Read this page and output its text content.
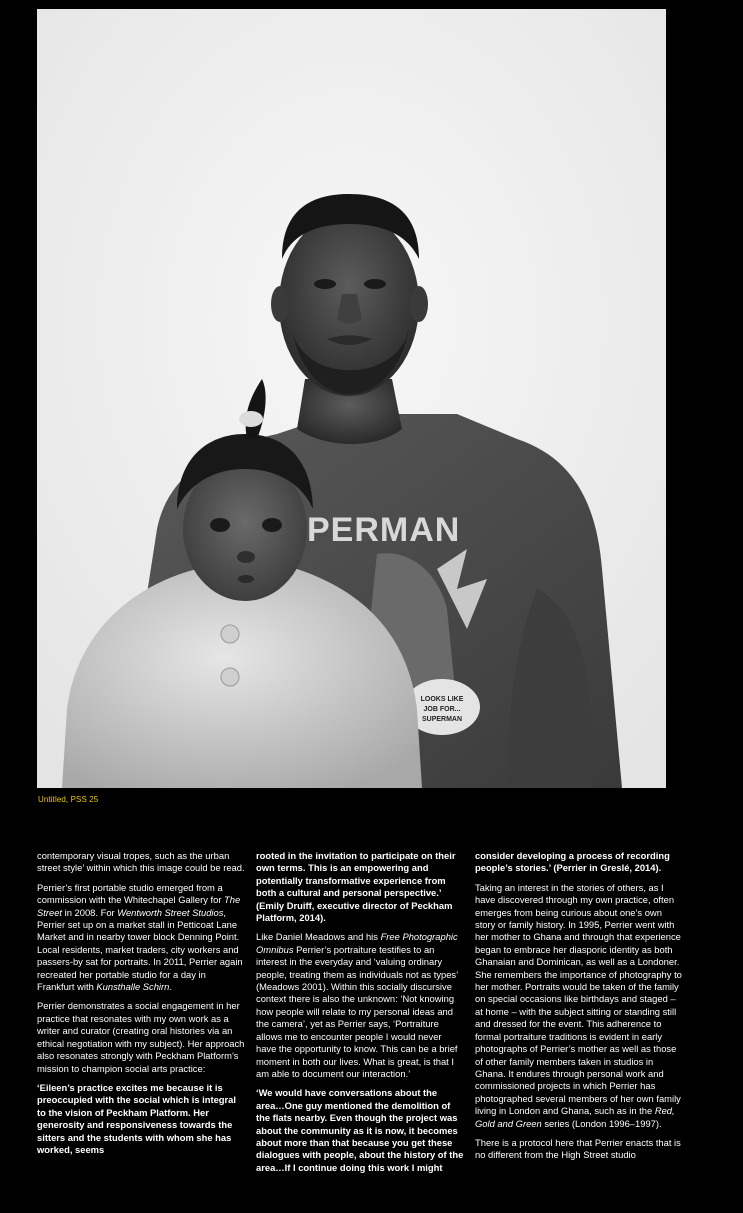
PERMAN
LOOKS LIKE
JOB FOR...
SUPERMAN
Untitled, PSS 25

contemporary visual tropes, such as the urban street style’ within which this image could be read.

Perrier’s first portable studio emerged from a commission with the Whitechapel Gallery for The Street in 2008. For Wentworth Street Studios, Perrier set up on a market stall in Petticoat Lane Market and in nearby tower block Denning Point. Local residents, market traders, city workers and passers-by sat for portraits. In 2011, Perrier again recreated her portable studio for a day in Frankfurt with Kunsthalle Schirn.

Perrier demonstrates a social engagement in her practice that resonates with my own work as a writer and curator (creating oral histories via an ethical negotiation with my subject). Her approach also resonates strongly with Peckham Platform’s mission to champion social arts practice:

‘Eileen’s practice excites me because it is preoccupied with the social which is integral to the vision of Peckham Platform. Her generosity and responsiveness towards the sitters and the students with whom she has worked, seems

rooted in the invitation to participate on their own terms. This is an empowering and potentially transformative experience from both a cultural and personal perspective.’ (Emily Druiff, executive director of Peckham Platform, 2014).

Like Daniel Meadows and his Free Photographic Omnibus Perrier’s portraiture testifies to an interest in the everyday and ‘valuing ordinary people, treating them as individuals not as types’ (Meadows 2001). Within this socially discursive context there is also the unknown: ‘Not knowing how people will relate to my personal ideas and the camera’, yet as Perrier says, ‘Portraiture allows me to encounter people I would never have the opportunity to know. This can be a brief moment in both our lives. What is great, is that I am able to document our interaction.’

‘We would have conversations about the area…One guy mentioned the demolition of the flats nearby. Even though the project was about the community as it is now, it becomes about more than that because you get these dialogues with people, about the history of the area…If I continue doing this work I might

consider developing a process of recording people’s stories.’ (Perrier in Greslé, 2014).

Taking an interest in the stories of others, as I have discovered through my own practice, often emerges from being curious about one’s own story or family history. In 1995, Perrier went with her mother to Ghana and through that experience began to embrace her diasporic identity as both Ghanaian and Dominican, as well as a Londoner. She remembers the importance of photography to her mother. Portraits would be taken of the family on special occasions like birthdays and staged – at home – with the subject sitting or standing still and dressed for the event. This adherence to formal portraiture traditions is evident in early photographs of Perrier’s mother as well as those of other family members taken in studios in Ghana. It endures through personal work and commissioned projects in which Perrier has photographed several members of her own family living in London and Ghana, such as in the Red, Gold and Green series (London 1996–1997).

There is a protocol here that Perrier enacts that is no different from the High Street studio
